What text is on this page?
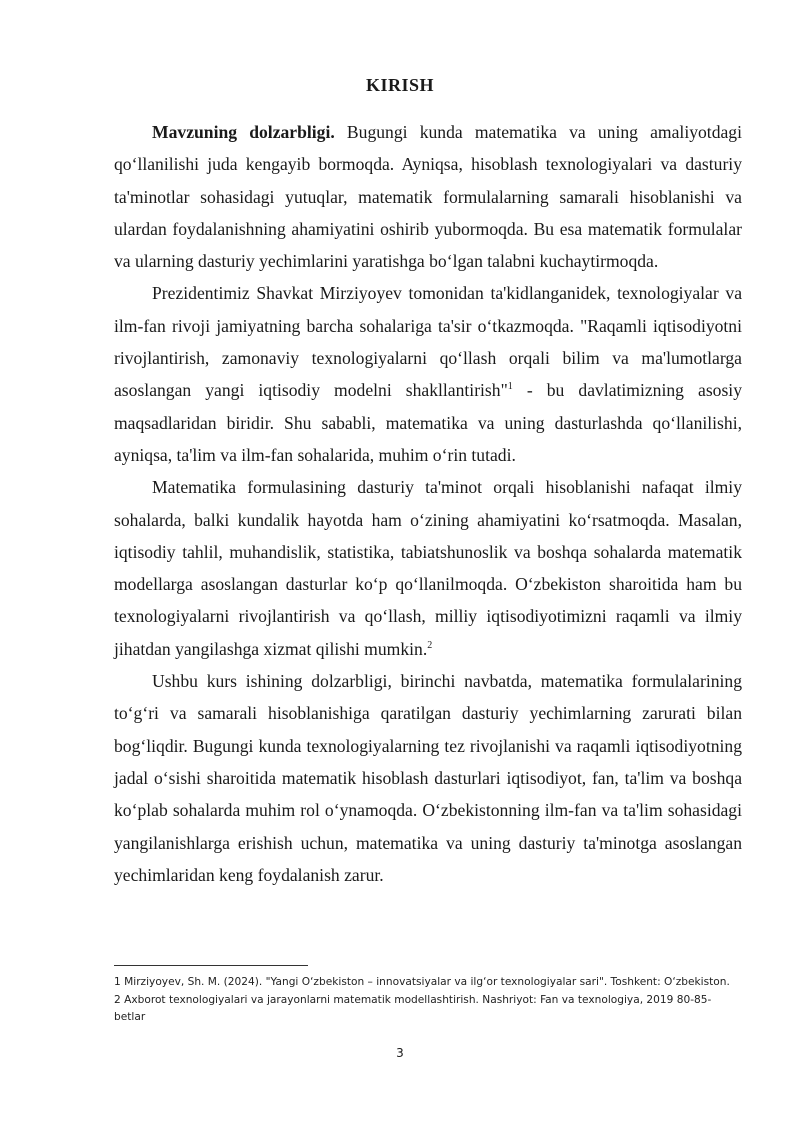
KIRISH

Mavzuning dolzarbligi. Bugungi kunda matematika va uning amaliyotdagi qo‘llanilishi juda kengayib bormoqda. Ayniqsa, hisoblash texnologiyalari va dasturiy ta'minotlar sohasidagi yutuqlar, matematik formulalarning samarali hisoblanishi va ulardan foydalanishning ahamiyatini oshirib yubormoqda. Bu esa matematik formulalar va ularning dasturiy yechimlarini yaratishga bo‘lgan talabni kuchaytirmoqda.

Prezidentimiz Shavkat Mirziyoyev tomonidan ta'kidlanganidek, texnologiyalar va ilm-fan rivoji jamiyatning barcha sohalariga ta'sir o‘tkazmoqda. "Raqamli iqtisodiyotni rivojlantirish, zamonaviy texnologiyalarni qo‘llash orqali bilim va ma'lumotlarga asoslangan yangi iqtisodiy modelni shakllantirish"$^1$ - bu davlatimizning asosiy maqsadlaridan biridir. Shu sababli, matematika va uning dasturlashda qo‘llanilishi, ayniqsa, ta'lim va ilm-fan sohalarida, muhim o‘rin tutadi.

Matematika formulasining dasturiy ta'minot orqali hisoblanishi nafaqat ilmiy sohalarda, balki kundalik hayotda ham o‘zining ahamiyatini ko‘rsatmoqda. Masalan, iqtisodiy tahlil, muhandislik, statistika, tabiatshunoslik va boshqa sohalarda matematik modellarga asoslangan dasturlar ko‘p qo‘llanilmoqda. O‘zbekiston sharoitida ham bu texnologiyalarni rivojlantirish va qo‘llash, milliy iqtisodiyotimizni raqamli va ilmiy jihatdan yangilashga xizmat qilishi mumkin.$^2$

Ushbu kurs ishining dolzarbligi, birinchi navbatda, matematika formulalarining to‘g‘ri va samarali hisoblanishiga qaratilgan dasturiy yechimlarning zarurati bilan bog‘liqdir. Bugungi kunda texnologiyalarning tez rivojlanishi va raqamli iqtisodiyotning jadal o‘sishi sharoitida matematik hisoblash dasturlari iqtisodiyot, fan, ta'lim va boshqa ko‘plab sohalarda muhim rol o‘ynamoqda. O‘zbekistonning ilm-fan va ta'lim sohasidagi yangilanishlarga erishish uchun, matematika va uning dasturiy ta'minotga asoslangan yechimlaridan keng foydalanish zarur.

1 Mirziyoyev, Sh. M. (2024). "Yangi O‘zbekiston – innovatsiyalar va ilg‘or texnologiyalar sari". Toshkent: O‘zbekiston.

2 Axborot texnologiyalari va jarayonlarni matematik modellashtirish. Nashriyot: Fan va texnologiya, 2019 80-85-betlar

3
